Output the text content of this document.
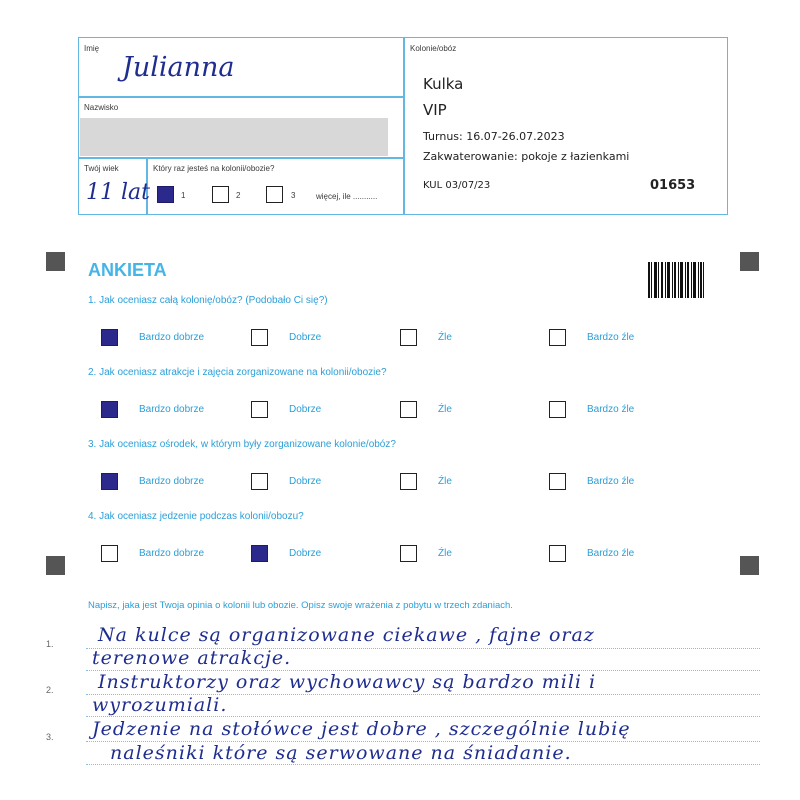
Imię
Julianna
Nazwisko
Twój wiek
11 lat
Który raz jesteś na kolonii/obozie?
1	2	3	więcej, ile ...........
Kolonie/obóz
Kulka
VIP
Turnus: 16.07-26.07.2023
Zakwaterowanie: pokoje z łazienkami
KUL 03/07/23	01653
ANKIETA
1. Jak oceniasz całą kolonię/obóz? (Podobało Ci się?)
Bardzo dobrze	Dobrze	Źle	Bardzo źle
2. Jak oceniasz atrakcje i zajęcia zorganizowane na kolonii/obozie?
Bardzo dobrze	Dobrze	Źle	Bardzo źle
3. Jak oceniasz ośrodek, w którym były zorganizowane kolonie/obóz?
Bardzo dobrze	Dobrze	Źle	Bardzo źle
4. Jak oceniasz jedzenie podczas kolonii/obozu?
Bardzo dobrze	Dobrze	Źle	Bardzo źle
Napisz, jaka jest Twoja opinia o kolonii lub obozie. Opisz swoje wrażenia z pobytu w trzech zdaniach.
1.
2.
3.
Na kulce są organizowane ciekawe , fajne oraz
terenowe atrakcje.
Instruktorzy oraz wychowawcy są bardzo mili i
wyrozumiali.
Jedzenie na stołówce jest dobre , szczególnie lubię
naleśniki które są serwowane na śniadanie.
